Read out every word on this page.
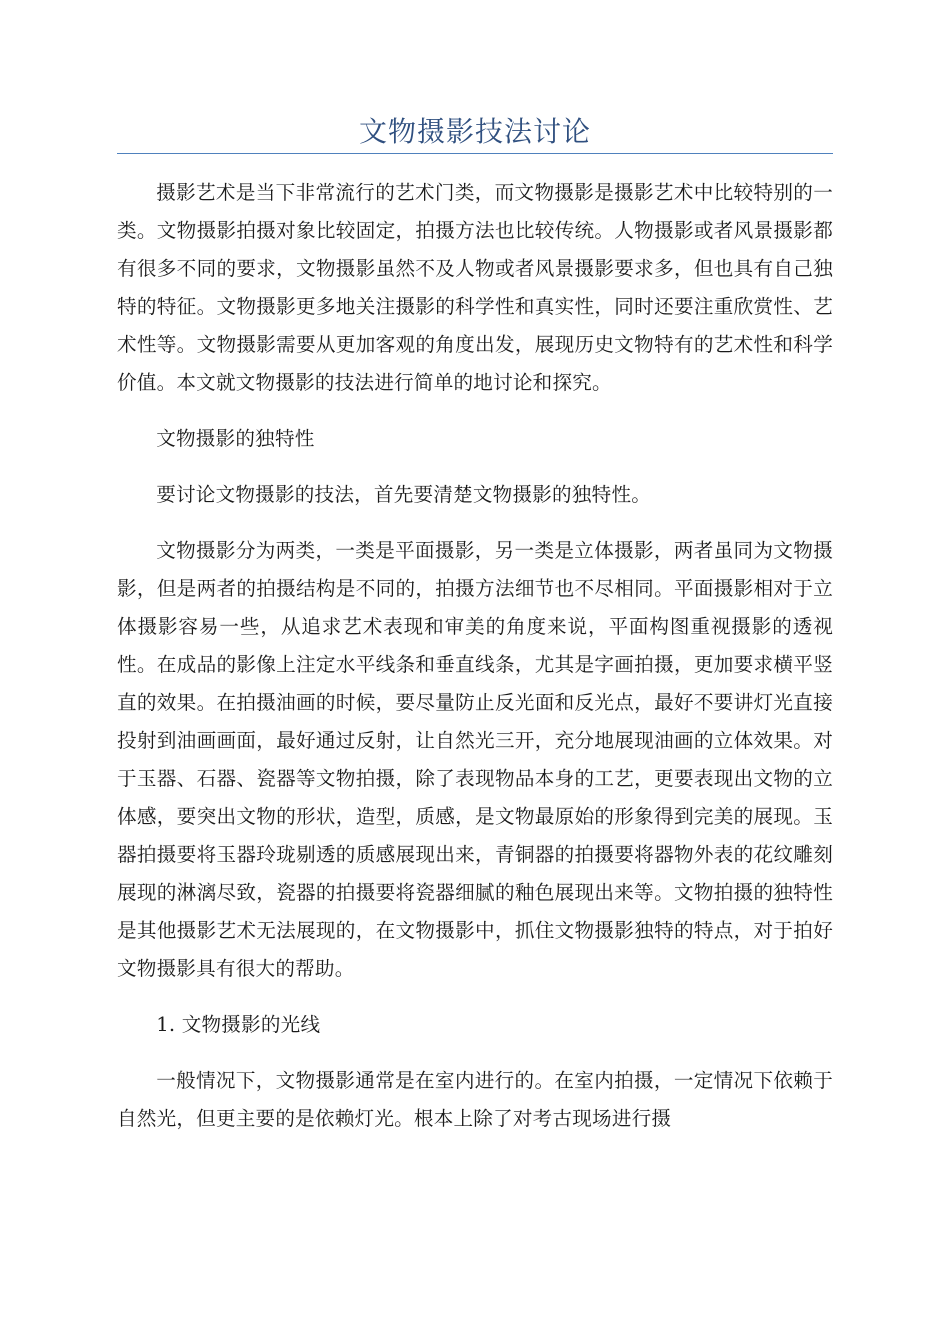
文物摄影技法讨论

摄影艺术是当下非常流行的艺术门类，而文物摄影是摄影艺术中比较特别的一类。文物摄影拍摄对象比较固定，拍摄方法也比较传统。人物摄影或者风景摄影都有很多不同的要求，文物摄影虽然不及人物或者风景摄影要求多，但也具有自己独特的特征。文物摄影更多地关注摄影的科学性和真实性，同时还要注重欣赏性、艺术性等。文物摄影需要从更加客观的角度出发，展现历史文物特有的艺术性和科学价值。本文就文物摄影的技法进行简单的地讨论和探究。

文物摄影的独特性

要讨论文物摄影的技法，首先要清楚文物摄影的独特性。

文物摄影分为两类，一类是平面摄影，另一类是立体摄影，两者虽同为文物摄影，但是两者的拍摄结构是不同的，拍摄方法细节也不尽相同。平面摄影相对于立体摄影容易一些，从追求艺术表现和审美的角度来说，平面构图重视摄影的透视性。在成品的影像上注定水平线条和垂直线条，尤其是字画拍摄，更加要求横平竖直的效果。在拍摄油画的时候，要尽量防止反光面和反光点，最好不要讲灯光直接投射到油画画面，最好通过反射，让自然光三开，充分地展现油画的立体效果。对于玉器、石器、瓷器等文物拍摄，除了表现物品本身的工艺，更要表现出文物的立体感，要突出文物的形状，造型，质感，是文物最原始的形象得到完美的展现。玉器拍摄要将玉器玲珑剔透的质感展现出来，青铜器的拍摄要将器物外表的花纹雕刻展现的淋漓尽致，瓷器的拍摄要将瓷器细腻的釉色展现出来等。文物拍摄的独特性是其他摄影艺术无法展现的，在文物摄影中，抓住文物摄影独特的特点，对于拍好文物摄影具有很大的帮助。

1. 文物摄影的光线

一般情况下，文物摄影通常是在室内进行的。在室内拍摄，一定情况下依赖于自然光，但更主要的是依赖灯光。根本上除了对考古现场进行摄
